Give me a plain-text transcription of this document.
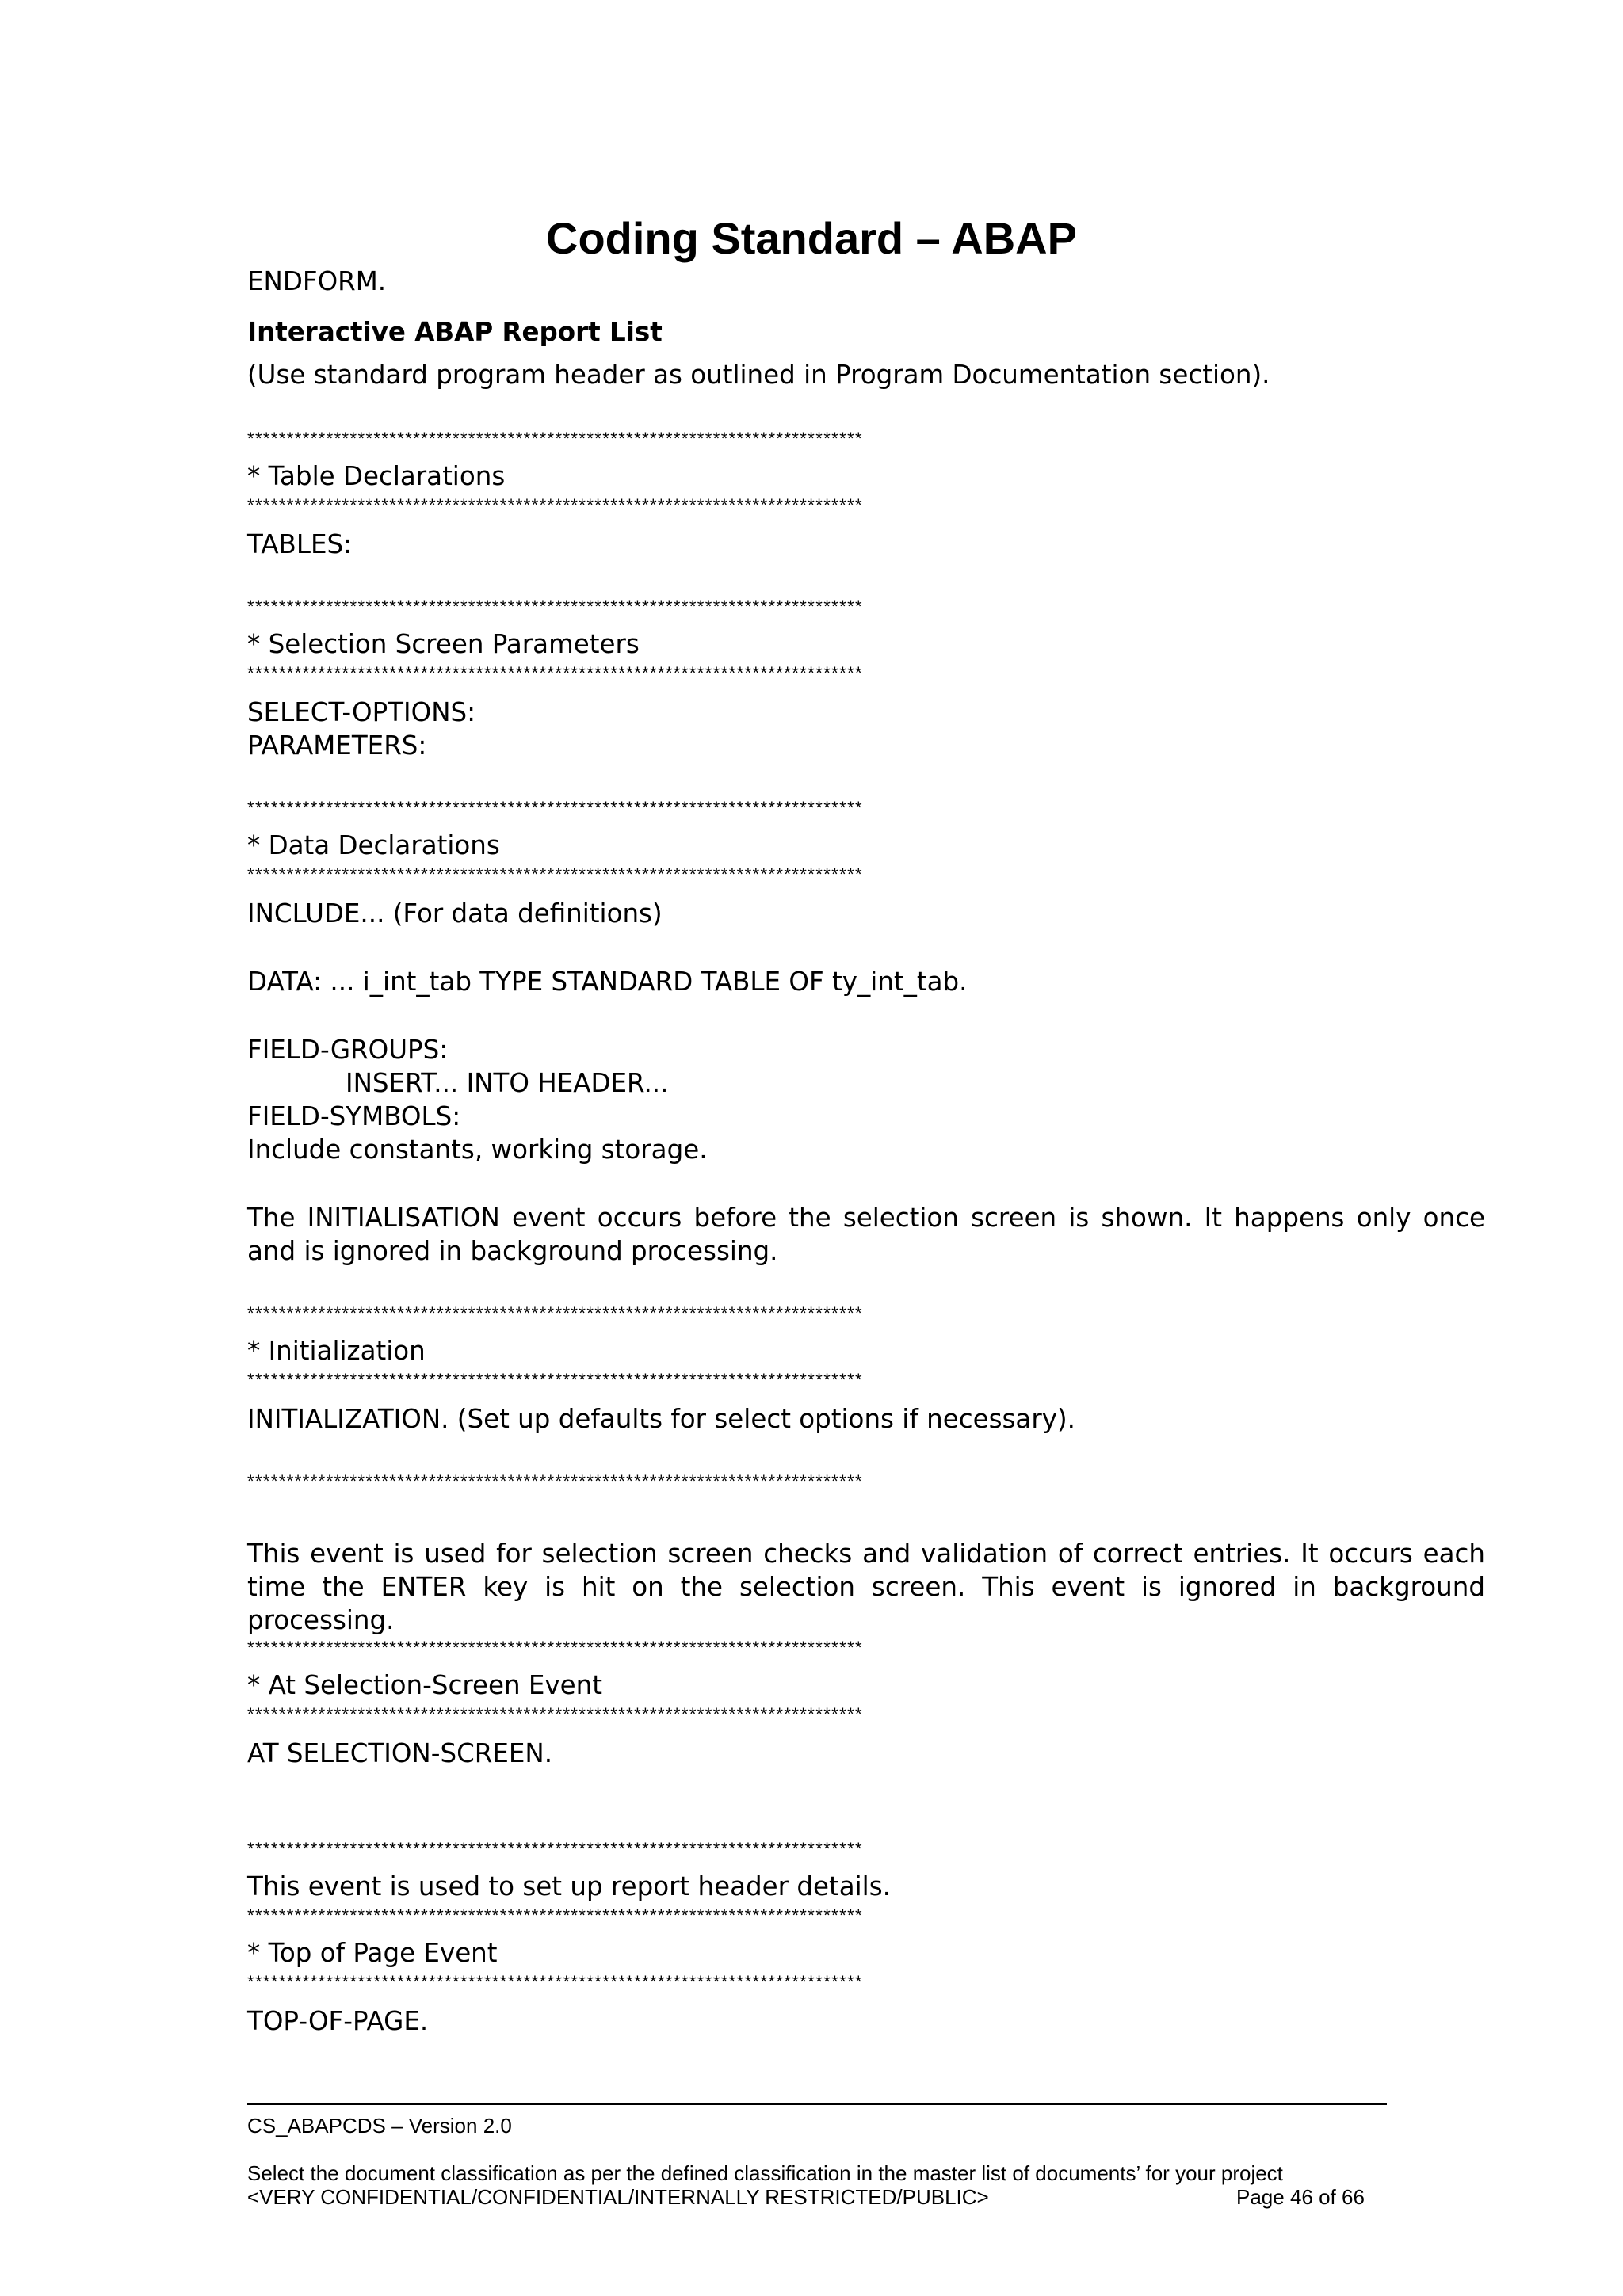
Coding Standard – ABAP
ENDFORM.
Interactive ABAP Report List
(Use standard program header as outlined in Program Documentation section).
******************************************************************************
* Table Declarations
******************************************************************************
TABLES:
******************************************************************************
* Selection Screen Parameters
******************************************************************************
SELECT-OPTIONS:
PARAMETERS:
******************************************************************************
* Data Declarations
******************************************************************************
INCLUDE... (For data definitions)
DATA: ... i_int_tab TYPE STANDARD TABLE OF ty_int_tab.
FIELD-GROUPS:
INSERT... INTO HEADER...
FIELD-SYMBOLS:
Include constants, working storage.
The INITIALISATION event occurs before the selection screen is shown. It happens only once and is ignored in background processing.
******************************************************************************
* Initialization
******************************************************************************
INITIALIZATION. (Set up defaults for select options if necessary).
******************************************************************************
This event is used for selection screen checks and validation of correct entries. It occurs each time the ENTER key is hit on the selection screen. This event is ignored in background processing.
******************************************************************************
* At Selection-Screen Event
******************************************************************************
AT SELECTION-SCREEN.
******************************************************************************
This event is used to set up report header details.
******************************************************************************
* Top of Page Event
******************************************************************************
TOP-OF-PAGE.
CS_ABAPCDS – Version 2.0
Select the document classification as per the defined classification in the master list of documents’ for your project
<VERY CONFIDENTIAL/CONFIDENTIAL/INTERNALLY RESTRICTED/PUBLIC>	Page 46 of 66
